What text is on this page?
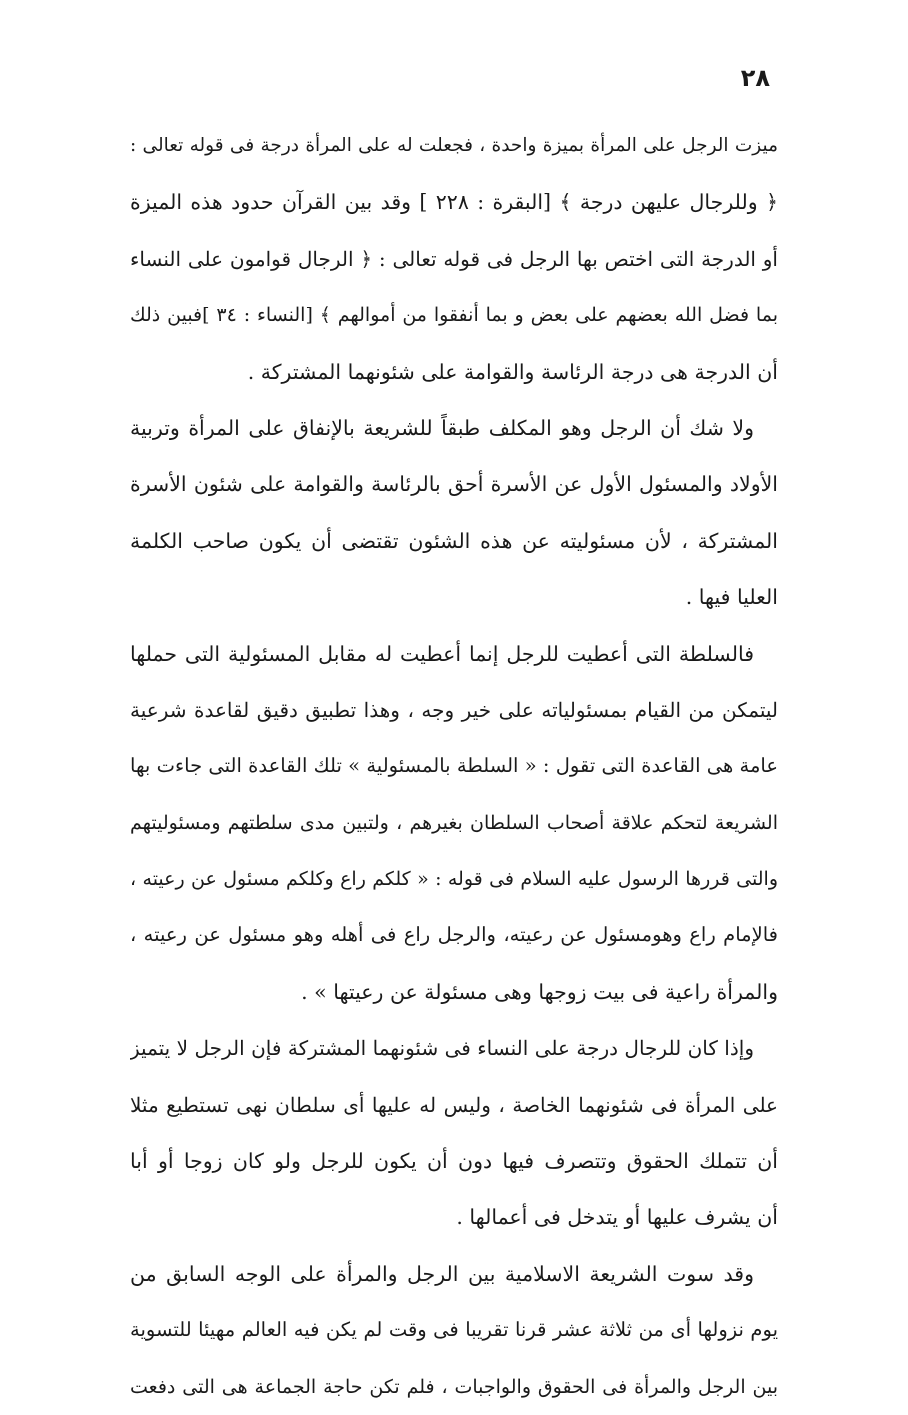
٢٨
ميزت الرجل على المرأة بميزة واحدة ، فجعلت له على المرأة درجة فى قوله تعالى :
﴿ وللرجال عليهن درجة ﴾ [البقرة : ٢٢٨ ] وقد بين القرآن حدود هذه الميزة
أو الدرجة التى اختص بها الرجل فى قوله تعالى : ﴿ الرجال قوامون على النساء
بما فضل الله بعضهم على بعض و بما أنفقوا من أموالهم ﴾ [النساء : ٣٤ ]فبين ذلك
أن الدرجة هى درجة الرئاسة والقوامة على شئونهما المشتركة .
ولا شك أن الرجل وهو المكلف طبقاً للشريعة بالإنفاق على المرأة وتربية
الأولاد والمسئول الأول عن الأسرة أحق بالرئاسة والقوامة على شئون الأسرة
المشتركة ، لأن مسئوليته عن هذه الشئون تقتضى أن يكون صاحب الكلمة
العليا فيها .
فالسلطة التى أعطيت للرجل إنما أعطيت له مقابل المسئولية التى حملها
ليتمكن من القيام بمسئولياته على خير وجه ، وهذا تطبيق دقيق لقاعدة شرعية
عامة هى القاعدة التى تقول : « السلطة بالمسئولية » تلك القاعدة التى جاءت بها
الشريعة لتحكم علاقة أصحاب السلطان بغيرهم ، ولتبين مدى سلطتهم ومسئوليتهم
والتى قررها الرسول عليه السلام فى قوله : « كلكم راع وكلكم مسئول عن رعيته ،
فالإمام راع وهومسئول عن رعيته، والرجل راع فى أهله وهو مسئول عن رعيته ،
والمرأة راعية فى بيت زوجها وهى مسئولة عن رعيتها » .
وإذا كان للرجال درجة على النساء فى شئونهما المشتركة فإن الرجل لا يتميز
على المرأة فى شئونهما الخاصة ، وليس له عليها أى سلطان نهى تستطيع مثلا
أن تتملك الحقوق وتتصرف فيها دون أن يكون للرجل ولو كان زوجا أو أبا
أن يشرف عليها أو يتدخل فى أعمالها .
وقد سوت الشريعة الاسلامية بين الرجل والمرأة على الوجه السابق من
يوم نزولها أى من ثلاثة عشر قرنا تقريبا فى وقت لم يكن فيه العالم مهيئا للتسوية
بين الرجل والمرأة فى الحقوق والواجبات ، فلم تكن حاجة الجماعة هى التى دفعت
